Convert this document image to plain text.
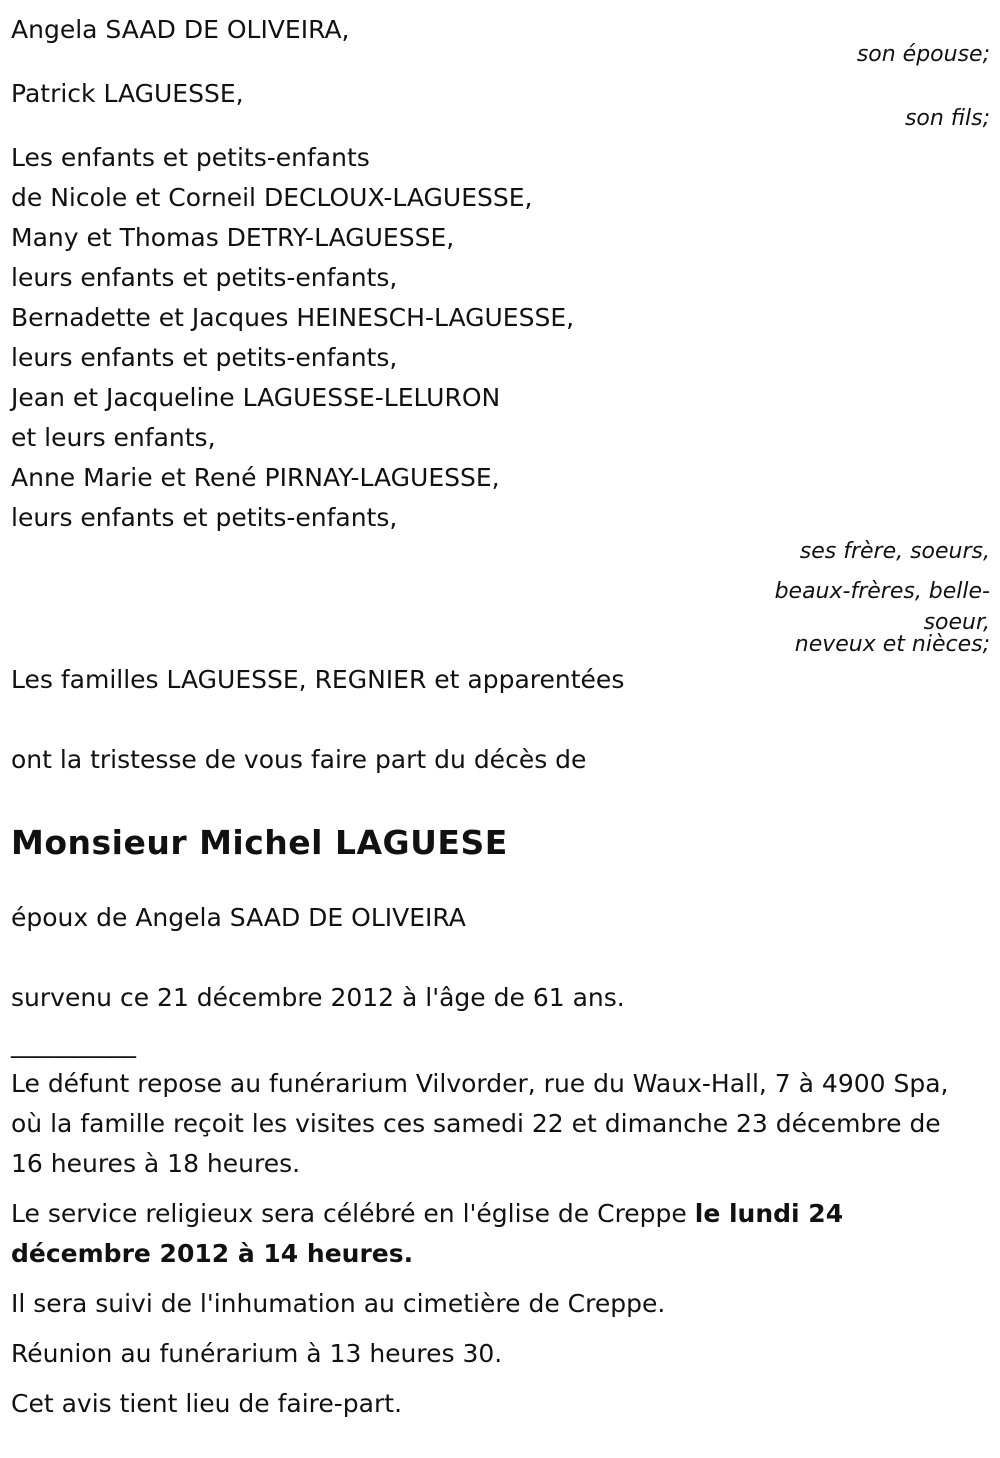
Angela SAAD DE OLIVEIRA,

son épouse;

Patrick LAGUESSE,

son fils;

Les enfants et petits-enfants

de Nicole et Corneil DECLOUX-LAGUESSE,

Many et Thomas DETRY-LAGUESSE,

leurs enfants et petits-enfants,

Bernadette et Jacques HEINESCH-LAGUESSE,

leurs enfants et petits-enfants,

Jean et Jacqueline LAGUESSE-LELURON

et leurs enfants,

Anne Marie et René PIRNAY-LAGUESSE,

leurs enfants et petits-enfants,

ses frère, soeurs,

beaux-frères, belle-

soeur,

neveux et nièces;

Les familles LAGUESSE, REGNIER et apparentées

ont la tristesse de vous faire part du décès de

Monsieur Michel LAGUESE

époux de Angela SAAD DE OLIVEIRA

survenu ce 21 décembre 2012 à l'âge de 61 ans.

__________

Le défunt repose au funérarium Vilvorder, rue du Waux-Hall, 7 à 4900 Spa, où la famille reçoit les visites ces samedi 22 et dimanche 23 décembre de 16 heures à 18 heures.

Le service religieux sera célébré en l'église de Creppe le lundi 24 décembre 2012 à 14 heures.

Il sera suivi de l'inhumation au cimetière de Creppe.

Réunion au funérarium à 13 heures 30.

Cet avis tient lieu de faire-part.
